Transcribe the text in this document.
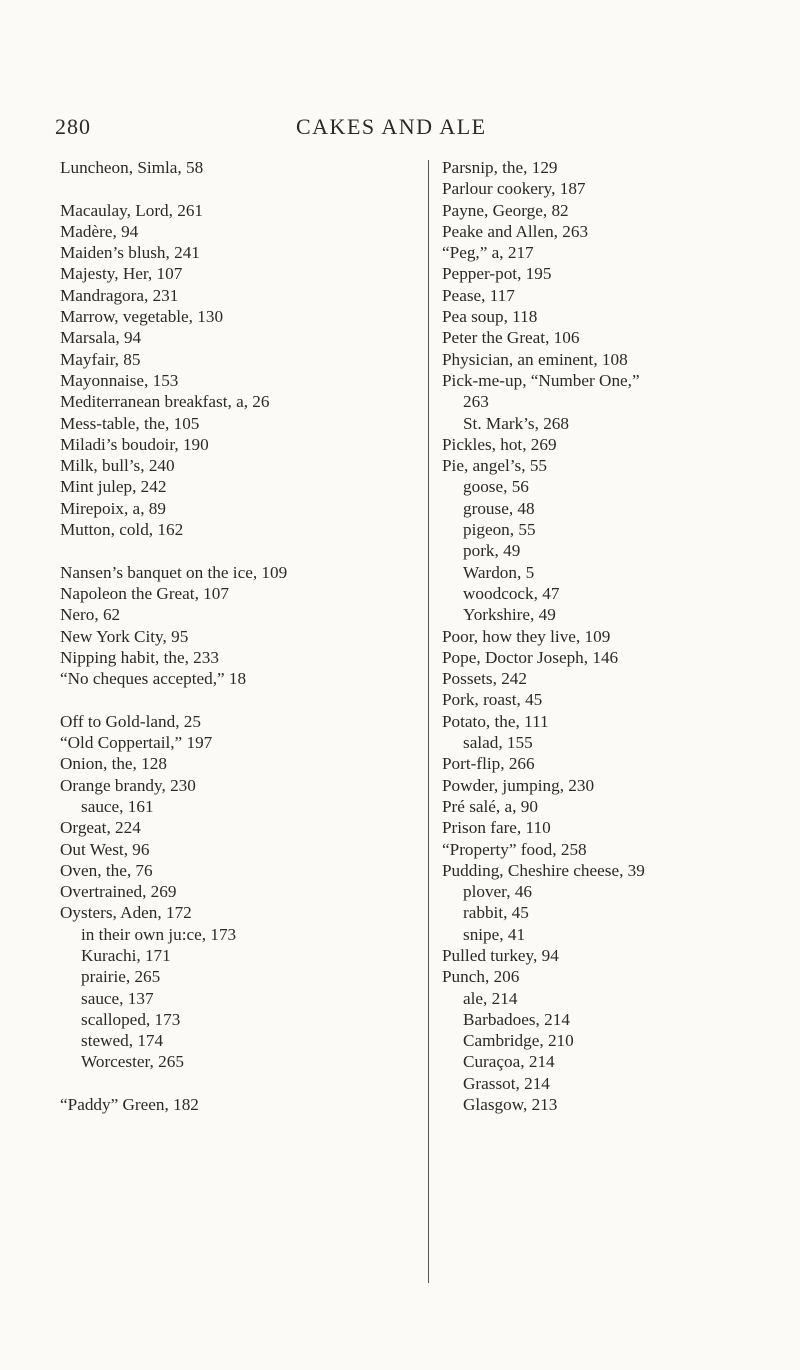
280	CAKES AND ALE
Luncheon, Simla, 58
Macaulay, Lord, 261
Madère, 94
Maiden’s blush, 241
Majesty, Her, 107
Mandragora, 231
Marrow, vegetable, 130
Marsala, 94
Mayfair, 85
Mayonnaise, 153
Mediterranean breakfast, a, 26
Mess-table, the, 105
Miladi’s boudoir, 190
Milk, bull’s, 240
Mint julep, 242
Mirepoix, a, 89
Mutton, cold, 162
Nansen’s banquet on the ice, 109
Napoleon the Great, 107
Nero, 62
New York City, 95
Nipping habit, the, 233
“No cheques accepted,” 18
Off to Gold-land, 25
“Old Coppertail,” 197
Onion, the, 128
Orange brandy, 230
sauce, 161
Orgeat, 224
Out West, 96
Oven, the, 76
Overtrained, 269
Oysters, Aden, 172
in their own ju:ce, 173
Kurachi, 171
prairie, 265
sauce, 137
scalloped, 173
stewed, 174
Worcester, 265
“Paddy” Green, 182
Parsnip, the, 129
Parlour cookery, 187
Payne, George, 82
Peake and Allen, 263
“Peg,” a, 217
Pepper-pot, 195
Pease, 117
Pea soup, 118
Peter the Great, 106
Physician, an eminent, 108
Pick-me-up, “Number One,”
263
St. Mark’s, 268
Pickles, hot, 269
Pie, angel’s, 55
goose, 56
grouse, 48
pigeon, 55
pork, 49
Wardon, 5
woodcock, 47
Yorkshire, 49
Poor, how they live, 109
Pope, Doctor Joseph, 146
Possets, 242
Pork, roast, 45
Potato, the, 111
salad, 155
Port-flip, 266
Powder, jumping, 230
Pré salé, a, 90
Prison fare, 110
“Property” food, 258
Pudding, Cheshire cheese, 39
plover, 46
rabbit, 45
snipe, 41
Pulled turkey, 94
Punch, 206
ale, 214
Barbadoes, 214
Cambridge, 210
Curaçoa, 214
Grassot, 214
Glasgow, 213
